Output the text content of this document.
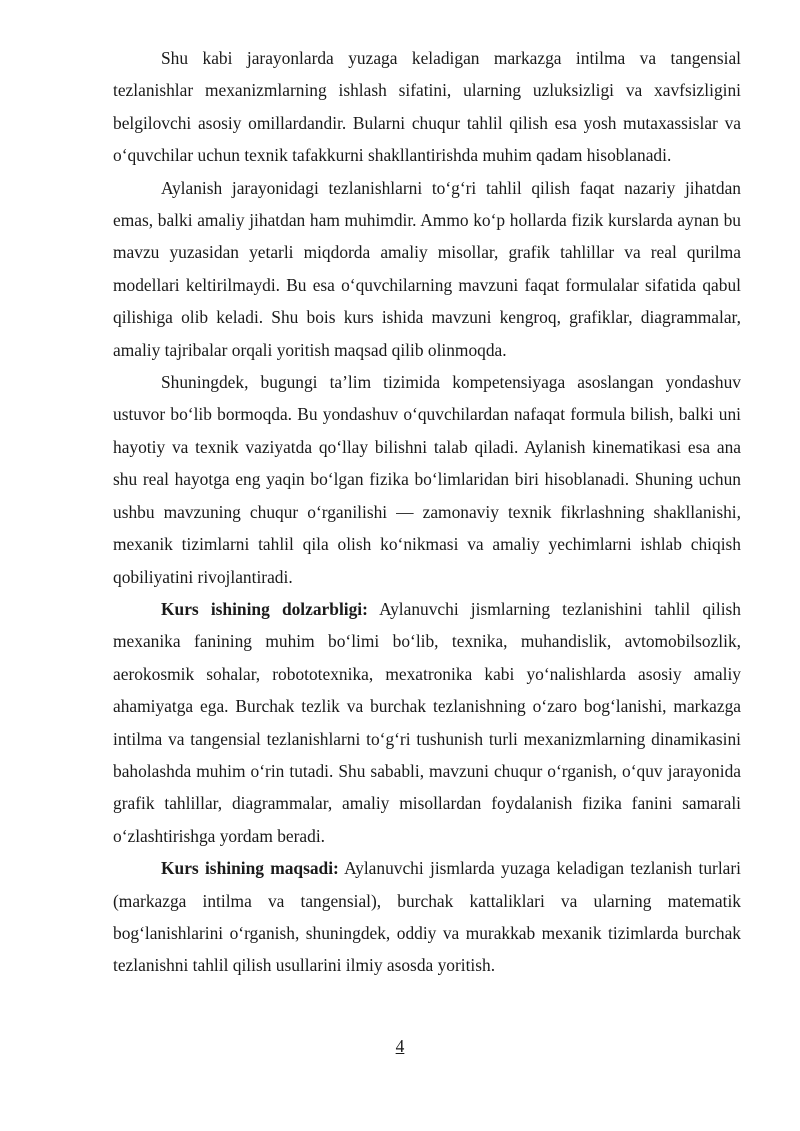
Shu kabi jarayonlarda yuzaga keladigan markazga intilma va tangensial tezlanishlar mexanizmlarning ishlash sifatini, ularning uzluksizligi va xavfsizligini belgilovchi asosiy omillardandir. Bularni chuqur tahlil qilish esa yosh mutaxassislar va o‘quvchilar uchun texnik tafakkurni shakllantirishda muhim qadam hisoblanadi.

Aylanish jarayonidagi tezlanishlarni to‘g‘ri tahlil qilish faqat nazariy jihatdan emas, balki amaliy jihatdan ham muhimdir. Ammo ko‘p hollarda fizik kurslarda aynan bu mavzu yuzasidan yetarli miqdorda amaliy misollar, grafik tahlillar va real qurilma modellari keltirilmaydi. Bu esa o‘quvchilarning mavzuni faqat formulalar sifatida qabul qilishiga olib keladi. Shu bois kurs ishida mavzuni kengroq, grafiklar, diagrammalar, amaliy tajribalar orqali yoritish maqsad qilib olinmoqda.

Shuningdek, bugungi ta’lim tizimida kompetensiyaga asoslangan yondashuv ustuvor bo‘lib bormoqda. Bu yondashuv o‘quvchilardan nafaqat formula bilish, balki uni hayotiy va texnik vaziyatda qo‘llay bilishni talab qiladi. Aylanish kinematikasi esa ana shu real hayotga eng yaqin bo‘lgan fizika bo‘limlaridan biri hisoblanadi. Shuning uchun ushbu mavzuning chuqur o‘rganilishi — zamonaviy texnik fikrlashning shakllanishi, mexanik tizimlarni tahlil qila olish ko‘nikmasi va amaliy yechimlarni ishlab chiqish qobiliyatini rivojlantiradi.

Kurs ishining dolzarbligi: Aylanuvchi jismlarning tezlanishini tahlil qilish mexanika fanining muhim bo‘limi bo‘lib, texnika, muhandislik, avtomobilsozlik, aerokosmik sohalar, robototexnika, mexatronika kabi yo‘nalishlarda asosiy amaliy ahamiyatga ega. Burchak tezlik va burchak tezlanishning o‘zaro bog‘lanishi, markazga intilma va tangensial tezlanishlarni to‘g‘ri tushunish turli mexanizmlarning dinamikasini baholashda muhim o‘rin tutadi. Shu sababli, mavzuni chuqur o‘rganish, o‘quv jarayonida grafik tahlillar, diagrammalar, amaliy misollardan foydalanish fizika fanini samarali o‘zlashtirishga yordam beradi.

Kurs ishining maqsadi: Aylanuvchi jismlarda yuzaga keladigan tezlanish turlari (markazga intilma va tangensial), burchak kattaliklari va ularning matematik bog‘lanishlarini o‘rganish, shuningdek, oddiy va murakkab mexanik tizimlarda burchak tezlanishni tahlil qilish usullarini ilmiy asosda yoritish.

4
